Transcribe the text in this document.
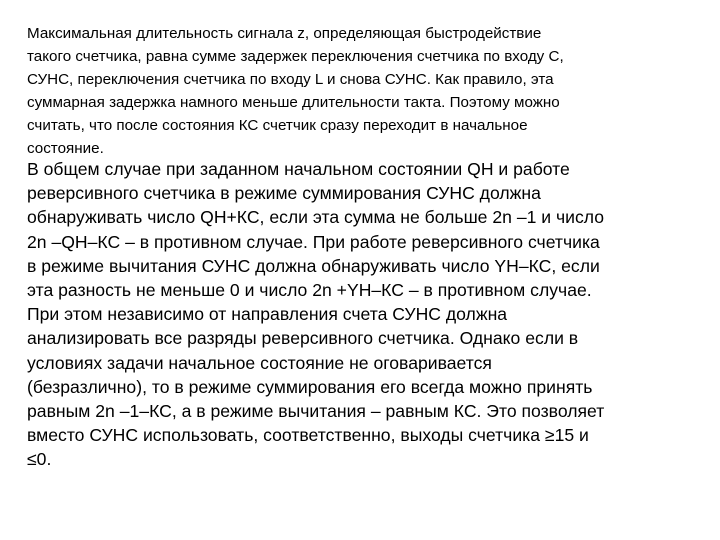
Максимальная длительность сигнала z, определяющая быстродействие
такого счетчика, равна сумме задержек переключения счетчика по входу С,
СУНС, переключения счетчика по входу L и снова СУНС. Как правило, эта
суммарная задержка намного меньше длительности такта. Поэтому можно
считать, что после состояния КС счетчик сразу переходит в начальное
состояние.

В общем случае при заданном начальном состоянии QН и работе
реверсивного счетчика в режиме суммирования СУНС должна
обнаруживать число QН+КС, если эта сумма не больше 2n –1 и число
2n –QН–КС – в противном случае. При работе реверсивного счетчика
в режиме вычитания СУНС должна обнаруживать число YН–КС, если
эта разность не меньше 0 и число 2n +YН–КС – в противном случае.
При этом независимо от направления счета СУНС должна
анализировать все разряды реверсивного счетчика. Однако если в
условиях задачи начальное состояние не оговаривается
(безразлично), то в режиме суммирования его всегда можно принять
равным 2n –1–КС, а в режиме вычитания – равным КС. Это позволяет
вместо СУНС использовать, соответственно, выходы счетчика ≥15 и
≤0.
